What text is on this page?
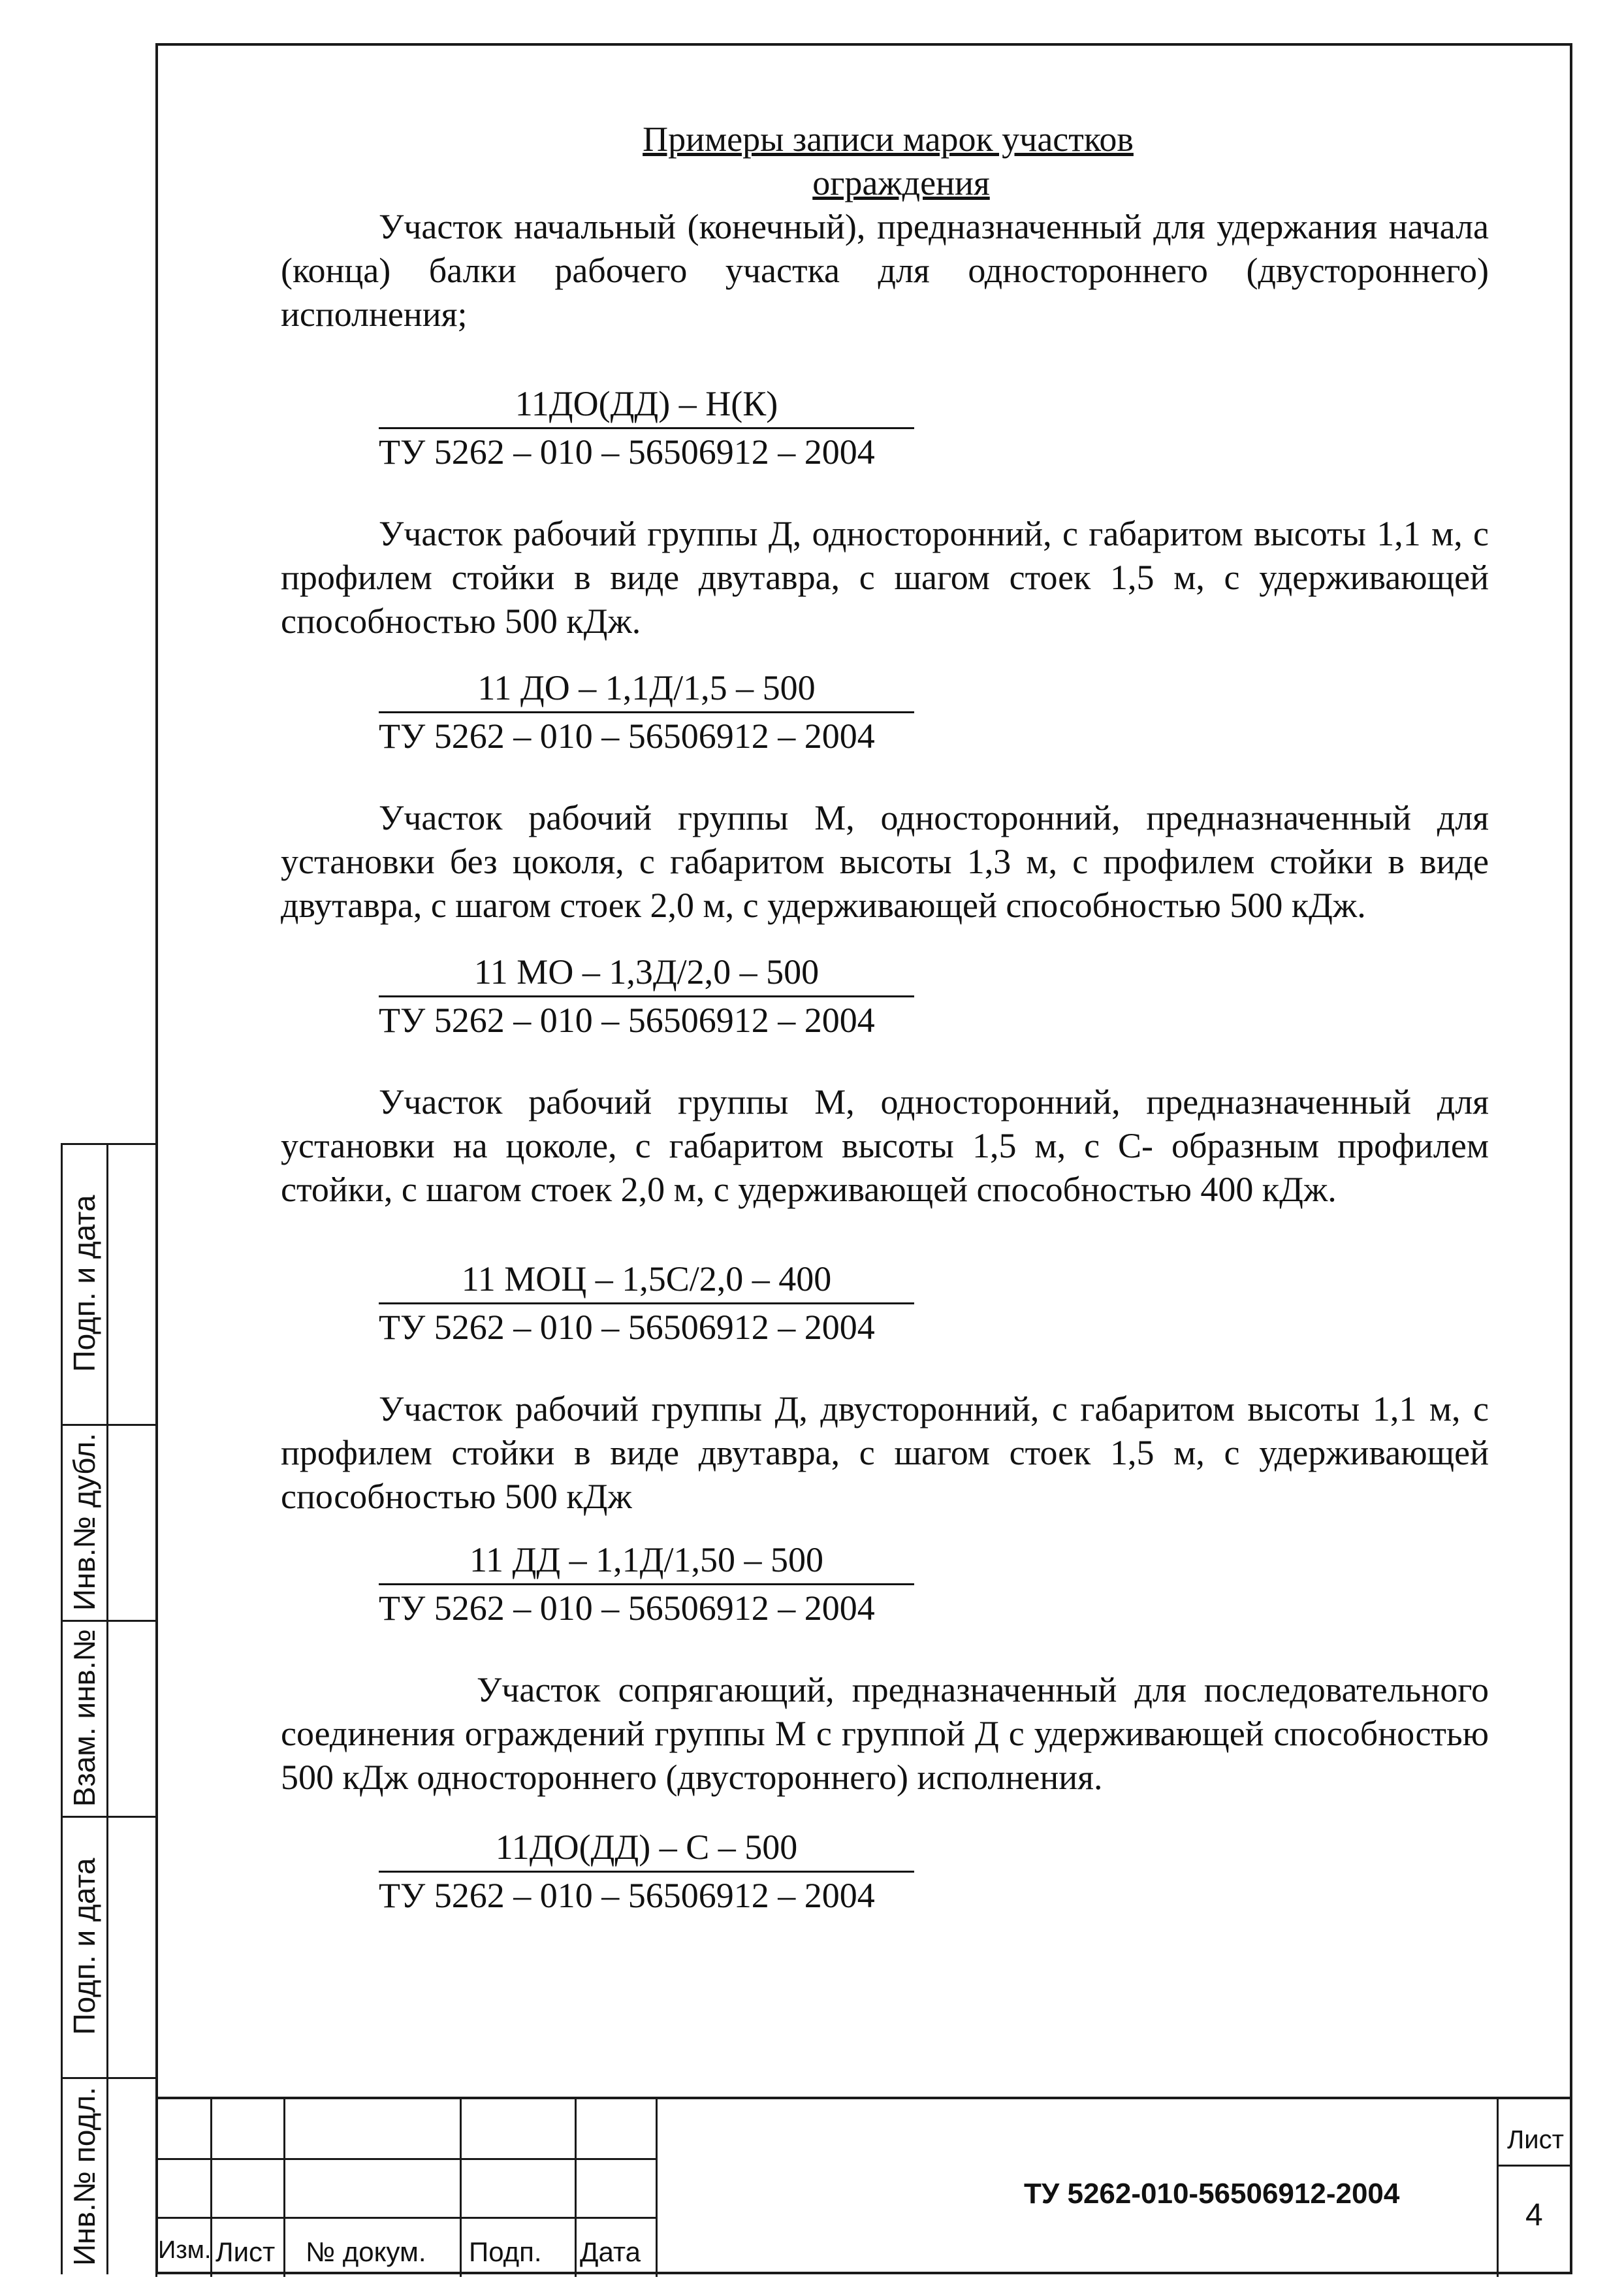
Инв.№ подл.
Подп. и дата
Взам. инв.№
Инв.№ дубл.
Подп. и дата
Примеры записи марок участков
ограждения
Участок начальный (конечный), предназначенный для удержания начала (конца) балки рабочего участка для одностороннего (двустороннего) исполнения;
11ДО(ДД) – Н(К)
ТУ 5262 – 010 – 56506912 – 2004
Участок рабочий группы Д, односторонний, с габаритом высоты 1,1 м, с профилем стойки в виде двутавра, с шагом стоек 1,5 м, с удерживающей способностью 500 кДж.
11 ДО – 1,1Д/1,5 – 500
ТУ 5262 – 010 – 56506912 – 2004
Участок рабочий группы М, односторонний, предназначенный для установки без цоколя, с габаритом высоты 1,3 м, с профилем стойки в виде двутавра, с шагом стоек 2,0 м, с удерживающей способностью 500 кДж.
11 МО – 1,3Д/2,0 – 500
ТУ 5262 – 010 – 56506912 – 2004
Участок рабочий группы М, односторонний, предназначенный для установки на цоколе, с габаритом высоты 1,5 м, с С- образным профилем стойки, с шагом стоек 2,0 м, с удерживающей способностью 400 кДж.
11 МОЦ – 1,5С/2,0 – 400
ТУ 5262 – 010 – 56506912 – 2004
Участок рабочий группы Д, двусторонний, с габаритом высоты 1,1 м, с профилем стойки в виде двутавра, с шагом стоек 1,5 м, с удерживающей способностью 500 кДж
11 ДД – 1,1Д/1,50 – 500
ТУ 5262 – 010 – 56506912 – 2004
Участок сопрягающий, предназначенный для последовательного соединения ограждений группы М с группой Д с удерживающей способностью 500 кДж одностороннего (двустороннего) исполнения.
11ДО(ДД) – С – 500
ТУ 5262 – 010 – 56506912 – 2004
Изм. Лист № докум. Подп. Дата
ТУ 5262-010-56506912-2004
Лист
4
